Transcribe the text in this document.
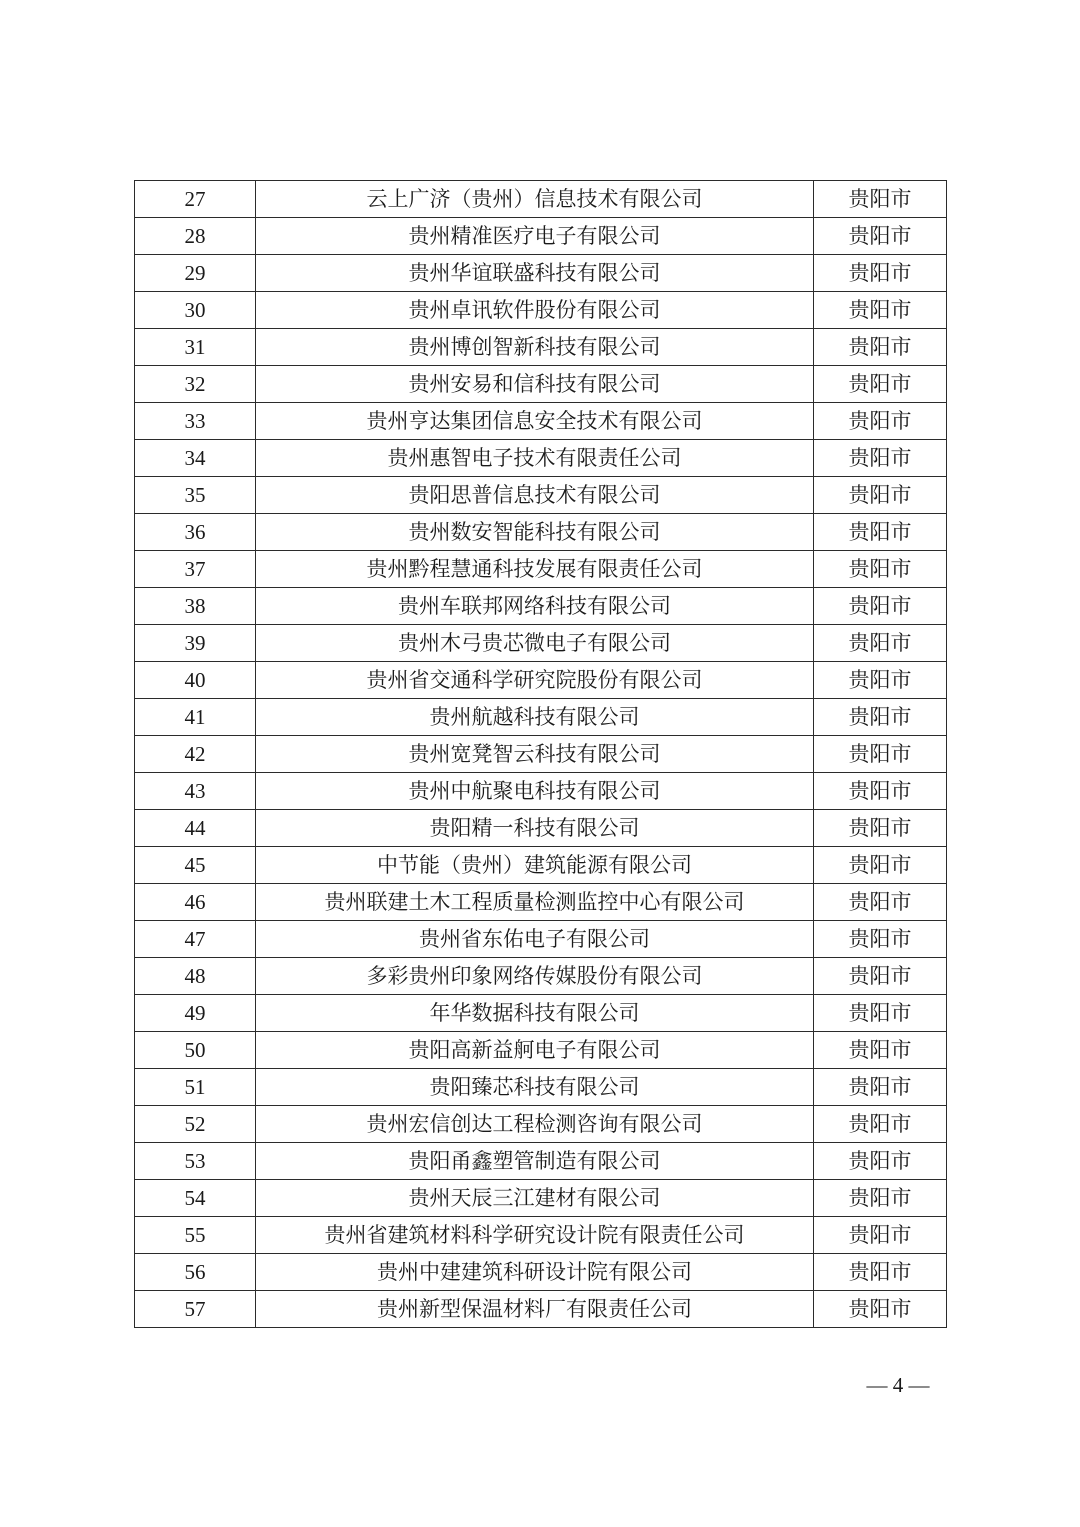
27	云上广济（贵州）信息技术有限公司	贵阳市
28	贵州精准医疗电子有限公司	贵阳市
29	贵州华谊联盛科技有限公司	贵阳市
30	贵州卓讯软件股份有限公司	贵阳市
31	贵州博创智新科技有限公司	贵阳市
32	贵州安易和信科技有限公司	贵阳市
33	贵州亨达集团信息安全技术有限公司	贵阳市
34	贵州惠智电子技术有限责任公司	贵阳市
35	贵阳思普信息技术有限公司	贵阳市
36	贵州数安智能科技有限公司	贵阳市
37	贵州黔程慧通科技发展有限责任公司	贵阳市
38	贵州车联邦网络科技有限公司	贵阳市
39	贵州木弓贵芯微电子有限公司	贵阳市
40	贵州省交通科学研究院股份有限公司	贵阳市
41	贵州航越科技有限公司	贵阳市
42	贵州宽凳智云科技有限公司	贵阳市
43	贵州中航聚电科技有限公司	贵阳市
44	贵阳精一科技有限公司	贵阳市
45	中节能（贵州）建筑能源有限公司	贵阳市
46	贵州联建土木工程质量检测监控中心有限公司	贵阳市
47	贵州省东佑电子有限公司	贵阳市
48	多彩贵州印象网络传媒股份有限公司	贵阳市
49	年华数据科技有限公司	贵阳市
50	贵阳高新益舸电子有限公司	贵阳市
51	贵阳臻芯科技有限公司	贵阳市
52	贵州宏信创达工程检测咨询有限公司	贵阳市
53	贵阳甬鑫塑管制造有限公司	贵阳市
54	贵州天辰三江建材有限公司	贵阳市
55	贵州省建筑材料科学研究设计院有限责任公司	贵阳市
56	贵州中建建筑科研设计院有限公司	贵阳市
57	贵州新型保温材料厂有限责任公司	贵阳市
— 4 —
